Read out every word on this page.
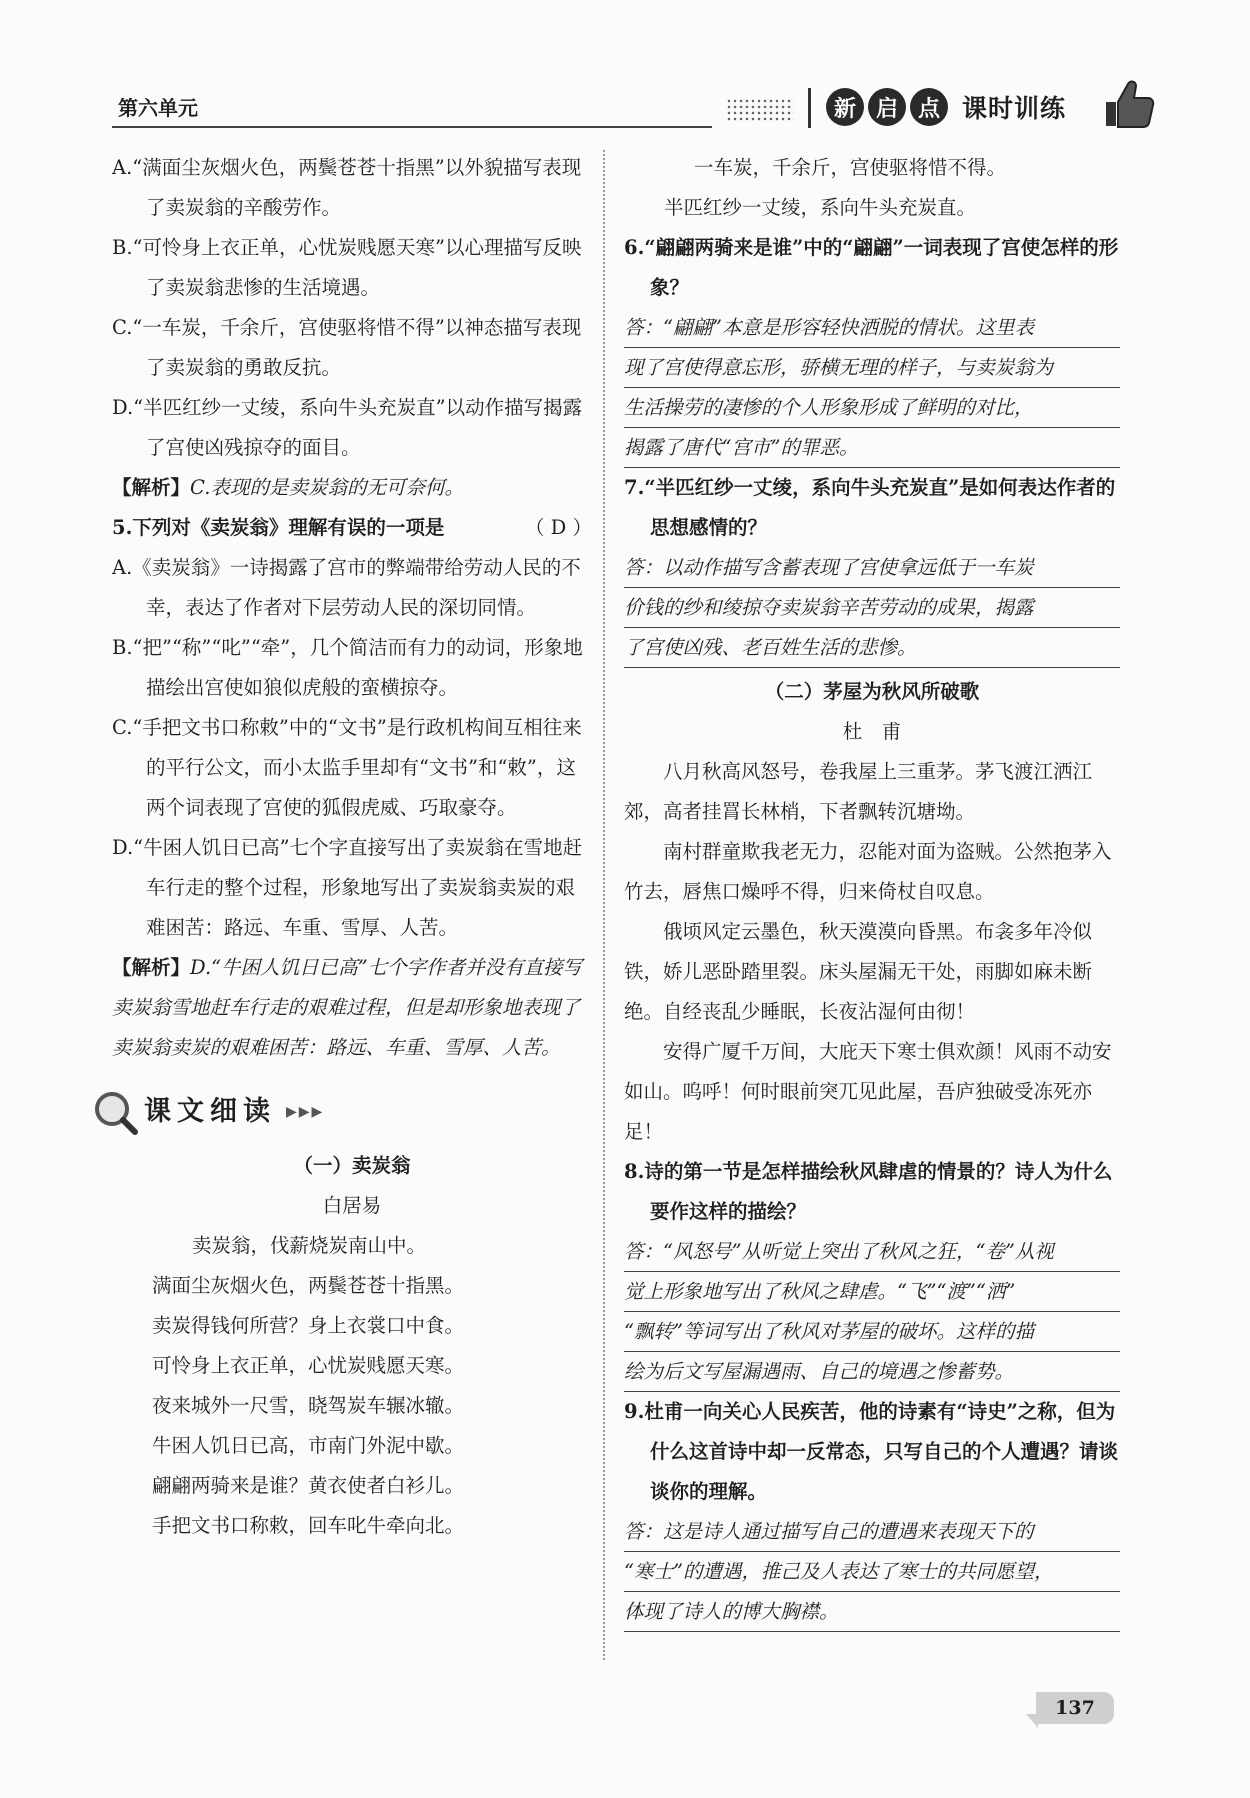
第六单元	新 启 点 课时训练

A.“满面尘灰烟火色，两鬓苍苍十指黑”以外貌描写表现了卖炭翁的辛酸劳作。

B.“可怜身上衣正单，心忧炭贱愿天寒”以心理描写反映了卖炭翁悲惨的生活境遇。

C.“一车炭，千余斤，宫使驱将惜不得”以神态描写表现了卖炭翁的勇敢反抗。

D.“半匹红纱一丈绫，系向牛头充炭直”以动作描写揭露了宫使凶残掠夺的面目。

【解析】C.表现的是卖炭翁的无可奈何。

5.下列对《卖炭翁》理解有误的一项是	（ D ）

A.《卖炭翁》一诗揭露了宫市的弊端带给劳动人民的不幸，表达了作者对下层劳动人民的深切同情。

B.“把”“称”“叱”“牵”，几个简洁而有力的动词，形象地描绘出宫使如狼似虎般的蛮横掠夺。

C.“手把文书口称敕”中的“文书”是行政机构间互相往来的平行公文，而小太监手里却有“文书”和“敕”，这两个词表现了宫使的狐假虎威、巧取豪夺。

D.“牛困人饥日已高”七个字直接写出了卖炭翁在雪地赶车行走的整个过程，形象地写出了卖炭翁卖炭的艰难困苦：路远、车重、雪厚、人苦。

【解析】D.“牛困人饥日已高”七个字作者并没有直接写卖炭翁雪地赶车行走的艰难过程，但是却形象地表现了卖炭翁卖炭的艰难困苦：路远、车重、雪厚、人苦。

课文细读 ▶▶▶

（一）卖炭翁

白居易

卖炭翁，伐薪烧炭南山中。

满面尘灰烟火色，两鬓苍苍十指黑。

卖炭得钱何所营？身上衣裳口中食。

可怜身上衣正单，心忧炭贱愿天寒。

夜来城外一尺雪，晓驾炭车辗冰辙。

牛困人饥日已高，市南门外泥中歇。

翩翩两骑来是谁？黄衣使者白衫儿。

手把文书口称敕，回车叱牛牵向北。

一车炭，千余斤，宫使驱将惜不得。

半匹红纱一丈绫，系向牛头充炭直。

6.“翩翩两骑来是谁”中的“翩翩”一词表现了宫使怎样的形象？

答：“翩翩”本意是形容轻快洒脱的情状。这里表
现了宫使得意忘形，骄横无理的样子，与卖炭翁为
生活操劳的凄惨的个人形象形成了鲜明的对比，
揭露了唐代“宫市”的罪恶。

7.“半匹红纱一丈绫，系向牛头充炭直”是如何表达作者的思想感情的？

答：以动作描写含蓄表现了宫使拿远低于一车炭
价钱的纱和绫掠夺卖炭翁辛苦劳动的成果，揭露
了宫使凶残、老百姓生活的悲惨。

（二）茅屋为秋风所破歌

杜　甫

八月秋高风怒号，卷我屋上三重茅。茅飞渡江洒江郊，高者挂罥长林梢，下者飘转沉塘坳。

南村群童欺我老无力，忍能对面为盗贼。公然抱茅入竹去，唇焦口燥呼不得，归来倚杖自叹息。

俄顷风定云墨色，秋天漠漠向昏黑。布衾多年冷似铁，娇儿恶卧踏里裂。床头屋漏无干处，雨脚如麻未断绝。自经丧乱少睡眠，长夜沾湿何由彻！

安得广厦千万间，大庇天下寒士俱欢颜！风雨不动安如山。呜呼！何时眼前突兀见此屋，吾庐独破受冻死亦足！

8.诗的第一节是怎样描绘秋风肆虐的情景的？诗人为什么要作这样的描绘？

答：“风怒号”从听觉上突出了秋风之狂，“卷”从视
觉上形象地写出了秋风之肆虐。“飞”“渡”“洒”
“飘转”等词写出了秋风对茅屋的破坏。这样的描
绘为后文写屋漏遇雨、自己的境遇之惨蓄势。

9.杜甫一向关心人民疾苦，他的诗素有“诗史”之称，但为什么这首诗中却一反常态，只写自己的个人遭遇？请谈谈你的理解。

答：这是诗人通过描写自己的遭遇来表现天下的
“寒士”的遭遇，推己及人表达了寒士的共同愿望，
体现了诗人的博大胸襟。
137
